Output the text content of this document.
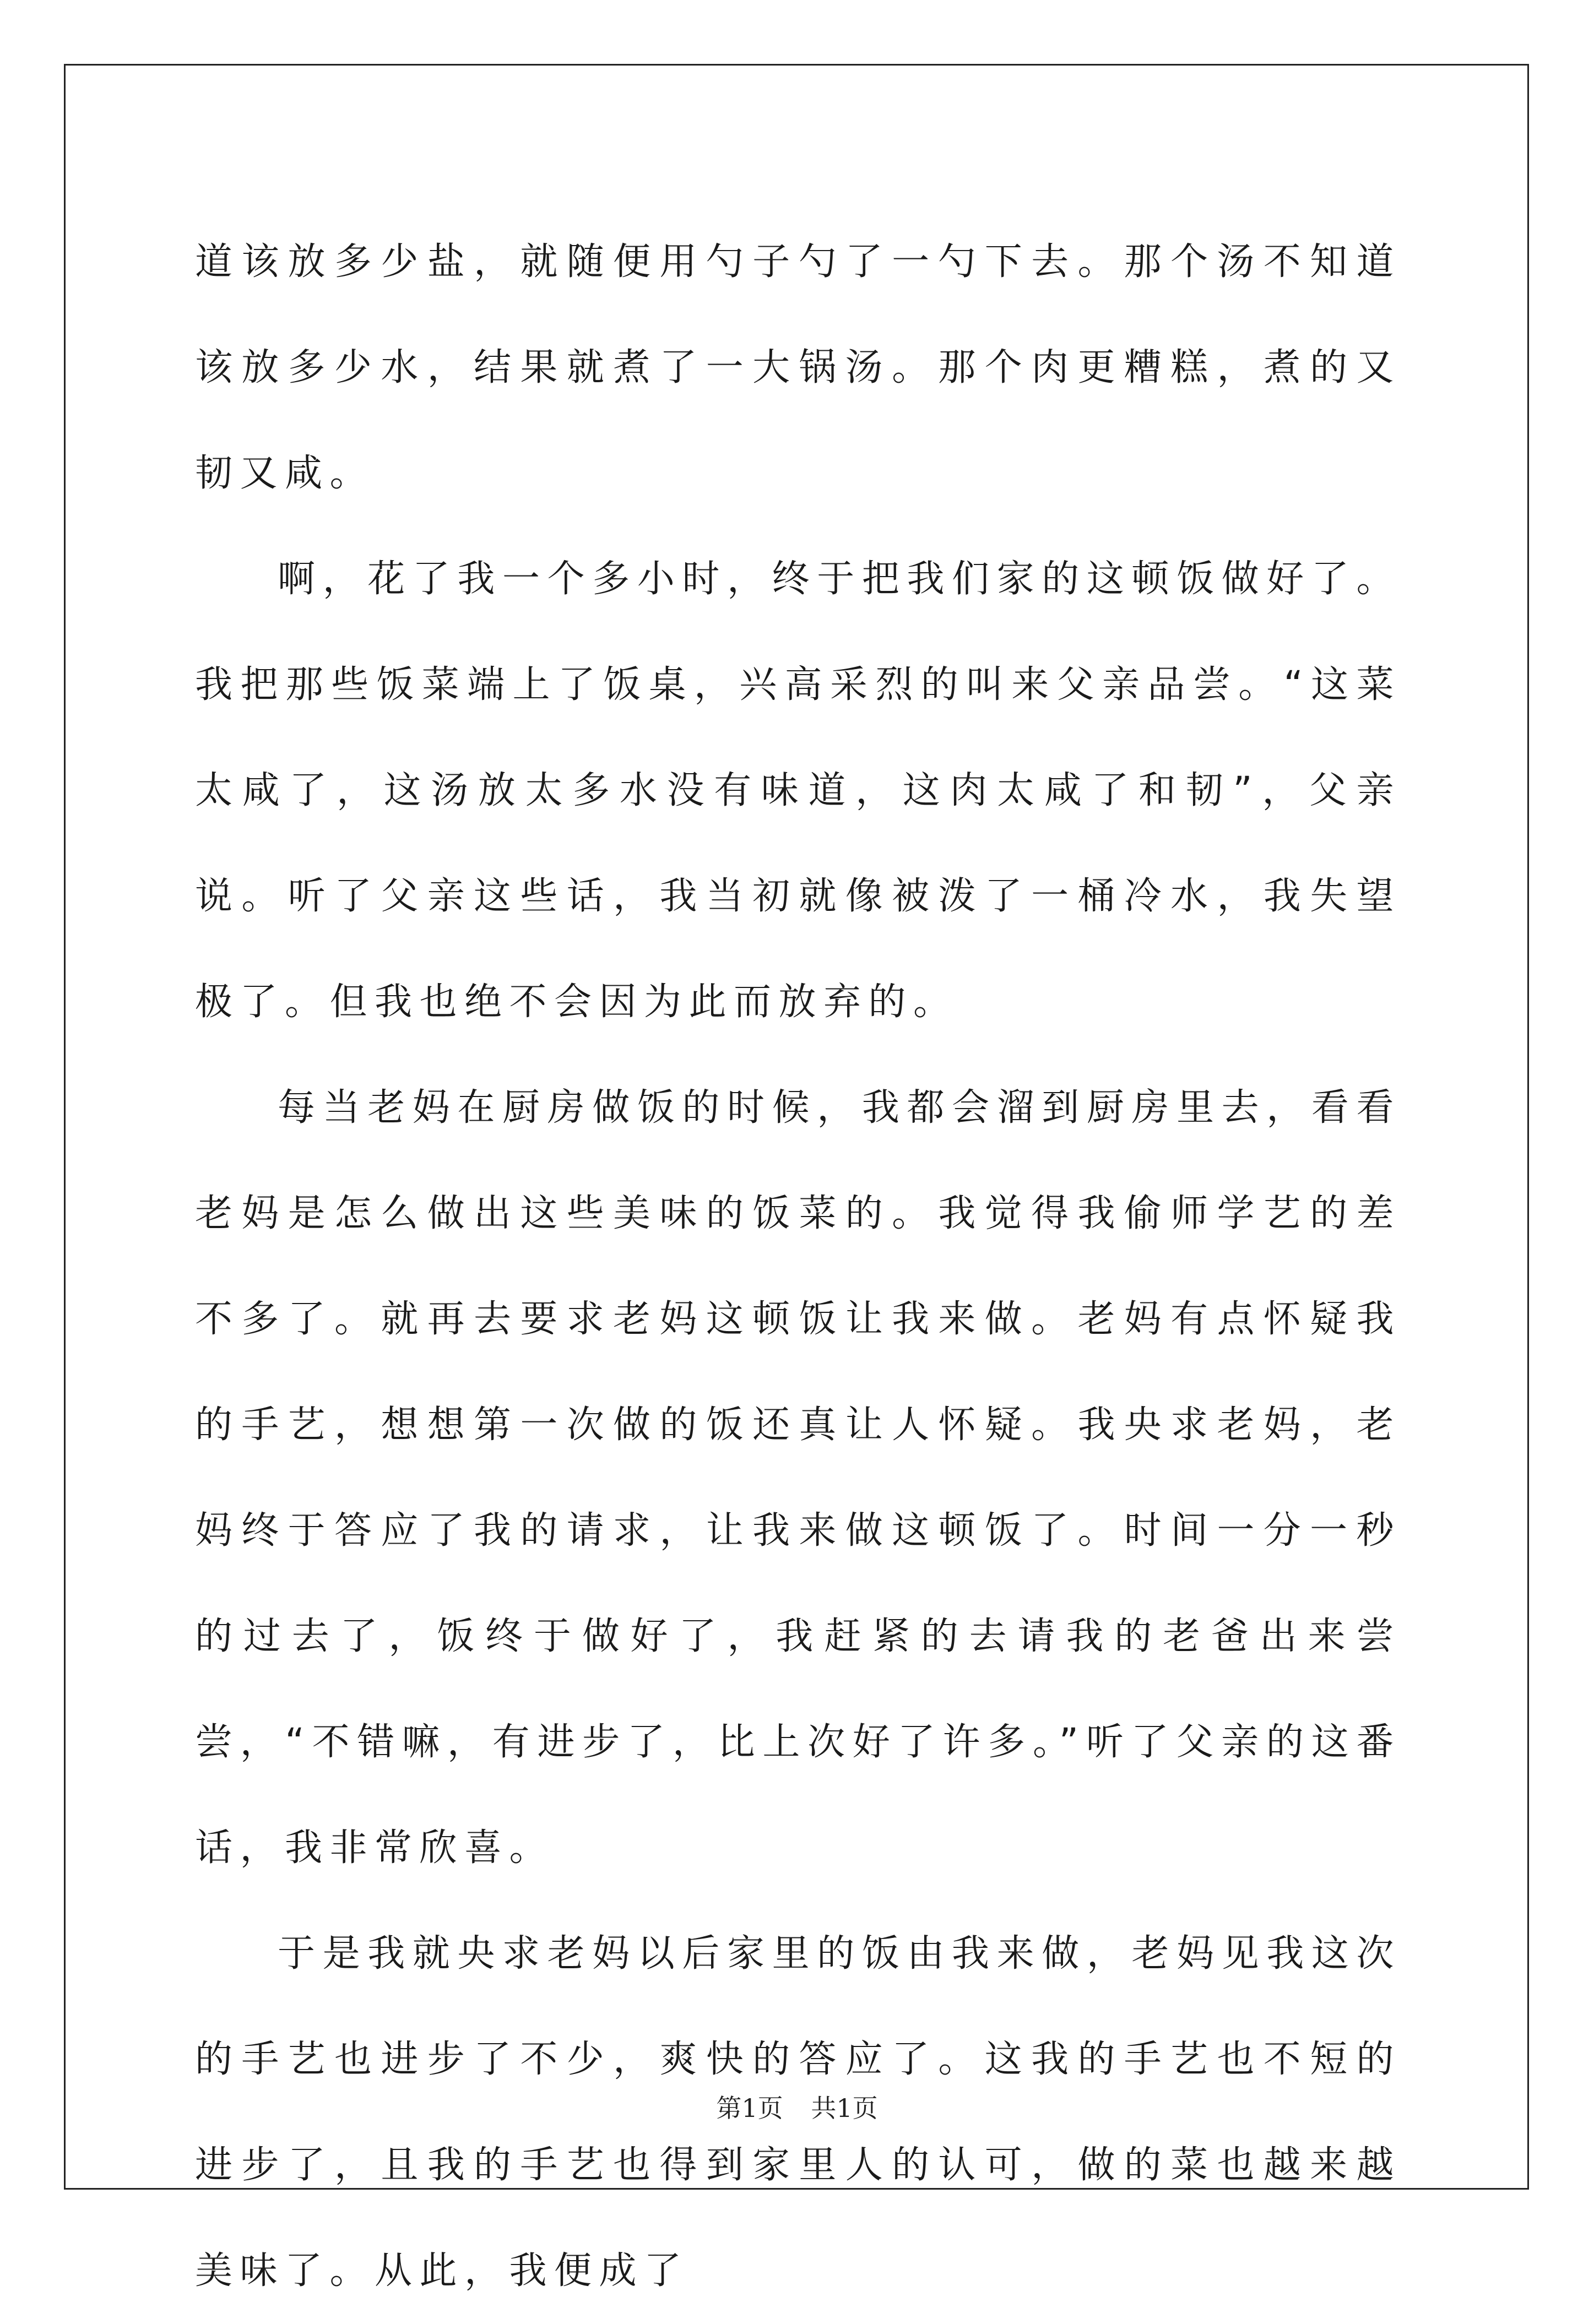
道该放多少盐，就随便用勺子勺了一勺下去。那个汤不知道该放多少水，结果就煮了一大锅汤。那个肉更糟糕，煮的又韧又咸。

啊，花了我一个多小时，终于把我们家的这顿饭做好了。我把那些饭菜端上了饭桌，兴高采烈的叫来父亲品尝。“这菜太咸了，这汤放太多水没有味道，这肉太咸了和韧”，父亲说。听了父亲这些话，我当初就像被泼了一桶冷水，我失望极了。但我也绝不会因为此而放弃的。

每当老妈在厨房做饭的时候，我都会溜到厨房里去，看看老妈是怎么做出这些美味的饭菜的。我觉得我偷师学艺的差不多了。就再去要求老妈这顿饭让我来做。老妈有点怀疑我的手艺，想想第一次做的饭还真让人怀疑。我央求老妈，老妈终于答应了我的请求，让我来做这顿饭了。时间一分一秒的过去了，饭终于做好了，我赶紧的去请我的老爸出来尝尝，“不错嘛，有进步了，比上次好了许多。”听了父亲的这番话，我非常欣喜。

于是我就央求老妈以后家里的饭由我来做，老妈见我这次的手艺也进步了不少，爽快的答应了。这我的手艺也不短的进步了，且我的手艺也得到家里人的认可，做的菜也越来越美味了。从此，我便成了

第1页 共1页
